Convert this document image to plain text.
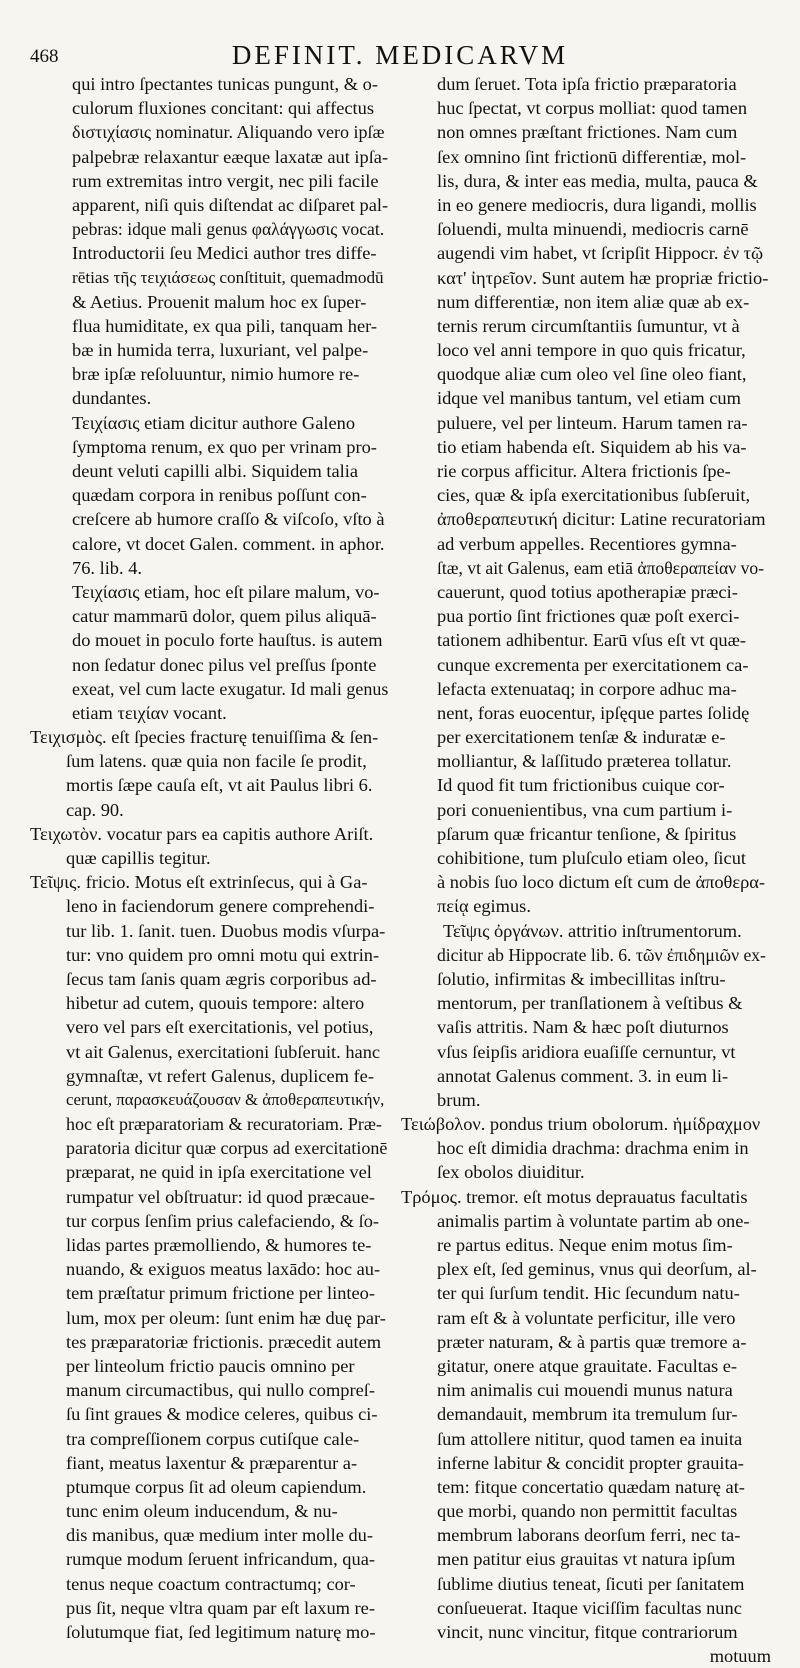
468	DEFINIT. MEDICARVM
qui intro ſpectantes tunicas pungunt, & o-
culorum fluxiones concitant: qui affectus
διστιχίασις nominatur. Aliquando vero ipſæ
palpebræ relaxantur eæque laxatæ aut ipſa-
rum extremitas intro vergit, nec pili facile
apparent, niſi quis diſtendat ac diſparet pal-
pebras: idque mali genus φαλάγγωσις vocat.
Introductorii ſeu Medici author tres diffe-
rētias τῆς τειχιάσεως conſtituit, quemadmodū
& Aetius. Prouenit malum hoc ex ſuper-
flua humiditate, ex qua pili, tanquam her-
bæ in humida terra, luxuriant, vel palpe-
bræ ipſæ reſoluuntur, nimio humore re-
dundantes.
Τειχίασις etiam dicitur authore Galeno
ſymptoma renum, ex quo per vrinam pro-
deunt veluti capilli albi. Siquidem talia
quædam corpora in renibus poſſunt con-
creſcere ab humore craſſo & viſcoſo, vſto à
calore, vt docet Galen. comment. in aphor.
76. lib. 4.
Τειχίασις etiam, hoc eſt pilare malum, vo-
catur mammarū dolor, quem pilus aliquā-
do mouet in poculo forte hauſtus. is autem
non ſedatur donec pilus vel preſſus ſponte
exeat, vel cum lacte exugatur. Id mali genus
etiam τειχίαν vocant.
Τειχισμὸς. eſt ſpecies fracturę tenuiſſima & ſen-
ſum latens. quæ quia non facile ſe prodit,
mortis ſæpe cauſa eſt, vt ait Paulus libri 6.
cap. 90.
Τειχωτὸν. vocatur pars ea capitis authore Ariſt.
quæ capillis tegitur.
Τεῖψις. fricio. Motus eſt extrinſecus, qui à Ga-
leno in faciendorum genere comprehendi-
tur lib. 1. ſanit. tuen. Duobus modis vſurpa-
tur: vno quidem pro omni motu qui extrin-
ſecus tam ſanis quam ægris corporibus ad-
hibetur ad cutem, quouis tempore: altero
vero vel pars eſt exercitationis, vel potius,
vt ait Galenus, exercitationi ſubſeruit. hanc
gymnaſtæ, vt refert Galenus, duplicem fe-
cerunt, παρασκευάζουσαν & ἀποθεραπευτικήν,
hoc eſt præparatoriam & recuratoriam. Præ-
paratoria dicitur quæ corpus ad exercitationē
præparat, ne quid in ipſa exercitatione vel
rumpatur vel obſtruatur: id quod præcaue-
tur corpus ſenſim prius calefaciendo, & ſo-
lidas partes præmolliendo, & humores te-
nuando, & exiguos meatus laxādo: hoc au-
tem præſtatur primum frictione per linteo-
lum, mox per oleum: ſunt enim hæ duę par-
tes præparatoriæ frictionis. præcedit autem
per linteolum frictio paucis omnino per
manum circumactibus, qui nullo compreſ-
ſu ſint graues & modice celeres, quibus ci-
tra compreſſionem corpus cutiſque cale-
fiant, meatus laxentur & præparentur a-
ptumque corpus ſit ad oleum capiendum.
tunc enim oleum inducendum, & nu-
dis manibus, quæ medium inter molle du-
rumque modum ſeruent infricandum, qua-
tenus neque coactum contractumq; cor-
pus ſit, neque vltra quam par eſt laxum re-
ſolutumque fiat, ſed legitimum naturę mo-
dum ſeruet. Tota ipſa frictio præparatoria
huc ſpectat, vt corpus molliat: quod tamen
non omnes præſtant frictiones. Nam cum
ſex omnino ſint frictionū differentiæ, mol-
lis, dura, & inter eas media, multa, pauca &
in eo genere mediocris, dura ligandi, mollis
ſoluendi, multa minuendi, mediocris carnē
augendi vim habet, vt ſcripſit Hippocr. ἐν τῷ
κατ' ἰητρεῖον. Sunt autem hæ propriæ frictio-
num differentiæ, non item aliæ quæ ab ex-
ternis rerum circumſtantiis ſumuntur, vt à
loco vel anni tempore in quo quis fricatur,
quodque aliæ cum oleo vel ſine oleo fiant,
idque vel manibus tantum, vel etiam cum
puluere, vel per linteum. Harum tamen ra-
tio etiam habenda eſt. Siquidem ab his va-
rie corpus afficitur. Altera frictionis ſpe-
cies, quæ & ipſa exercitationibus ſubſeruit,
ἀποθεραπευτική dicitur: Latine recuratoriam
ad verbum appelles. Recentiores gymna-
ſtæ, vt ait Galenus, eam etiā ἀποθεραπείαν vo-
cauerunt, quod totius apotherapiæ præci-
pua portio ſint frictiones quæ poſt exerci-
tationem adhibentur. Earū vſus eſt vt quæ-
cunque excrementa per exercitationem ca-
lefacta extenuataq; in corpore adhuc ma-
nent, foras euocentur, ipſęque partes ſolidę
per exercitationem tenſæ & induratæ e-
molliantur, & laſſitudo præterea tollatur.
Id quod fit tum frictionibus cuique cor-
pori conuenientibus, vna cum partium i-
pſarum quæ fricantur tenſione, & ſpiritus
cohibitione, tum pluſculo etiam oleo, ſicut
à nobis ſuo loco dictum eſt cum de ἀποθερα-
πείᾳ egimus.
Τεῖψις ὀργάνων. attritio inſtrumentorum.
dicitur ab Hippocrate lib. 6. τῶν ἐπιδημιῶν ex-
ſolutio, infirmitas & imbecillitas inſtru-
mentorum, per tranſlationem à veſtibus &
vaſis attritis. Nam & hæc poſt diuturnos
vſus ſeipſis aridiora euaſiſſe cernuntur, vt
annotat Galenus comment. 3. in eum li-
brum.
Τειώβολον. pondus trium obolorum. ἡμίδραχμον
hoc eſt dimidia drachma: drachma enim in
ſex obolos diuiditur.
Τρόμος. tremor. eſt motus deprauatus facultatis
animalis partim à voluntate partim ab one-
re partus editus. Neque enim motus ſim-
plex eſt, ſed geminus, vnus qui deorſum, al-
ter qui ſurſum tendit. Hic ſecundum natu-
ram eſt & à voluntate perficitur, ille vero
præter naturam, & à partis quæ tremore a-
gitatur, onere atque grauitate. Facultas e-
nim animalis cui mouendi munus natura
demandauit, membrum ita tremulum ſur-
ſum attollere nititur, quod tamen ea inuita
inferne labitur & concidit propter grauita-
tem: fitque concertatio quædam naturę at-
que morbi, quando non permittit facultas
membrum laborans deorſum ferri, nec ta-
men patitur eius grauitas vt natura ipſum
ſublime diutius teneat, ſicuti per ſanitatem
conſueuerat. Itaque viciſſim facultas nunc
vincit, nunc vincitur, fitque contrariorum
motuum
